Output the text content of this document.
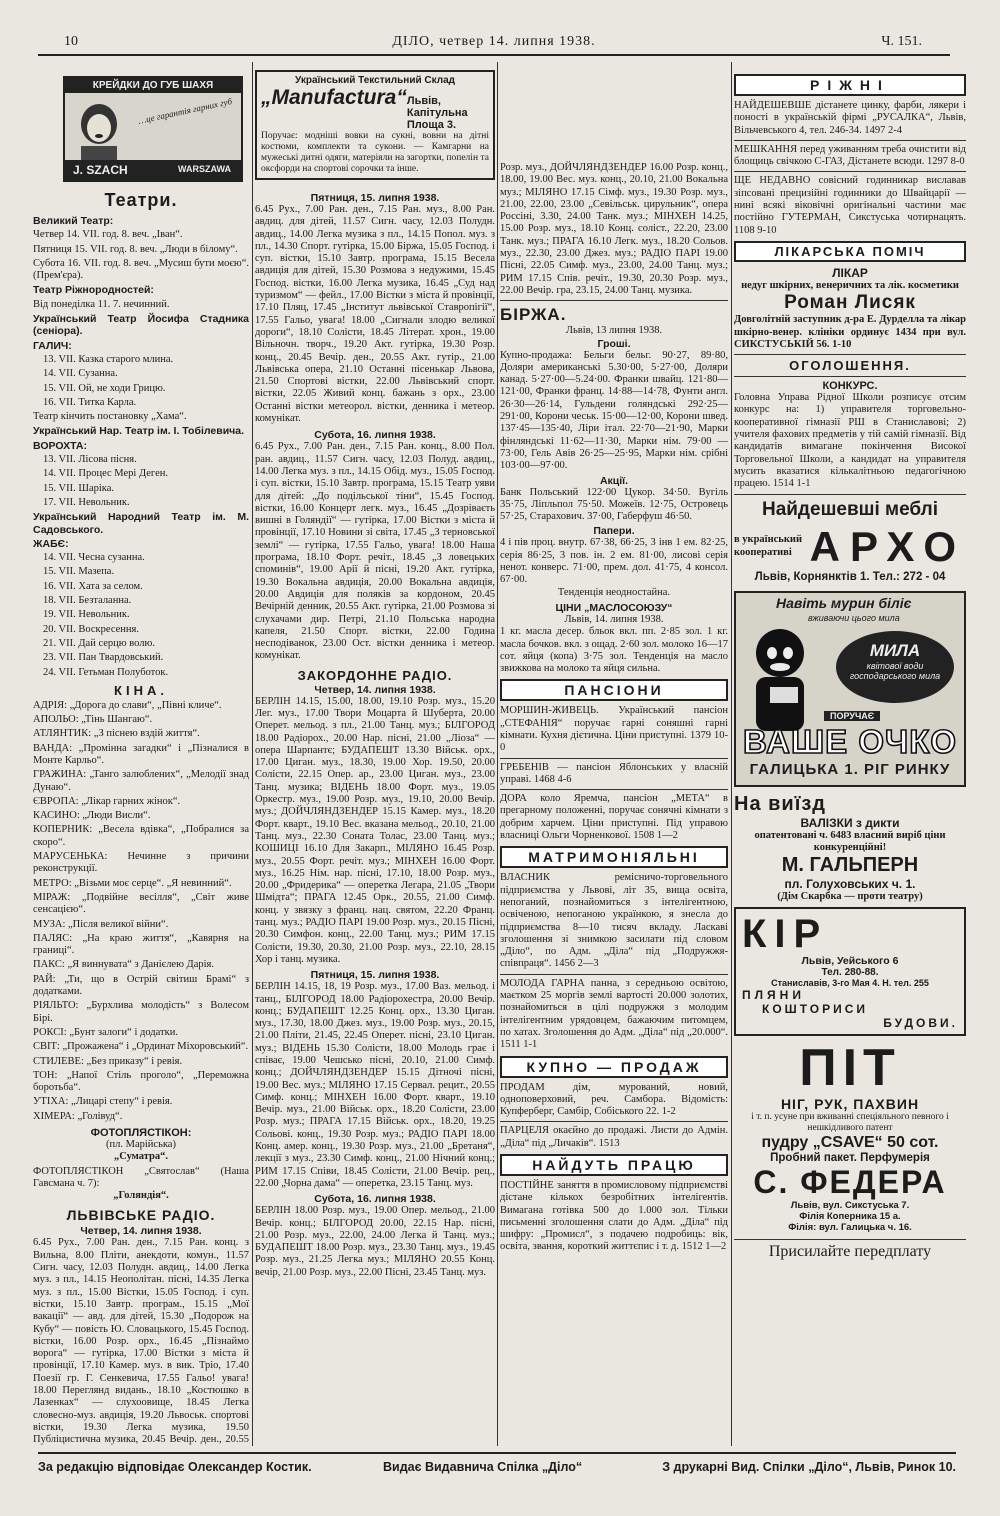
10	ДІЛО, четвер 14. липня 1938.	Ч. 151.
КРЕЙДКИ ДО ГУБ ШАХЯ
…це гарантія гарних губ
J. SZACH	WARSZAWA
Театри.

Великий Театр:

Четвер 14. VII. год. 8. веч. „Іван“.

Пятниця 15. VII. год. 8. веч. „Люди в білому“.

Субота 16. VII. год. 8. веч. „Мусиш бути моєю“. (Прем'єра).

Театр Ріжнородностей:

Від понеділка 11. 7. нечинний.

Український Театр Йосифа Стадника (сеніора).

ГАЛИЧ:

13. VII. Казка старого млина.

14. VII. Сузанна.

15. VII. Ой, не ходи Грицю.

16. VII. Титка Карла.

Театр кінчить постановку „Хама“.

Український Нар. Театр ім. І. Тобілевича.

ВОРОХТА:

13. VII. Лісова пісня.

14. VII. Процес Мері Деген.

15. VII. Шаріка.

17. VII. Невольник.

Український Народний Театр ім. М. Садовського.

ЖАБЄ:

14. VII. Чесна сузанна.

15. VII. Мазепа.

16. VII. Хата за селом.

18. VII. Безталанна.

19. VII. Невольник.

20. VII. Воскресення.

21. VII. Дай серцю волю.

23. VII. Пан Твардовський.

24. VII. Гетьман Полуботок.

КІНА.

АДРІЯ: „Дорога до слави“, „Півні кличе“.

АПОЛЬО: „Тінь Шангаю“.

АТЛЯНТИК: „З піснею вздій життя“.

ВАНДА: „Промінна загадки“ і „Пізналися в Монте Карльо“.

ГРАЖИНА: „Танго залюблених“, „Мелодії знад Дунаю“.

ЄВРОПА: „Лікар гарних жінок“.

КАСИНО: „Люди Висли“.

КОПЕРНИК: „Весела вдівка“, „Побралися за скоро“.

МАРУСЕНЬКА: Нечинне з причини реконструкції.

МЕТРО: „Візьми моє серце“. „Я невинний“.

МІРАЖ: „Подвійне весілля“, „Світ живе сенсацією“.

МУЗА: „Після великої війни“.

ПАЛЯС: „На краю життя“, „Кавярня на границі“.

ПАКС: „Я виннуватa“ з Данієлею Дарія.

РАЙ: „Ти, що в Острій світиш Брамі“ з додатками.

РІЯЛЬТО: „Бурхлива молодість“ з Волесом Бірі.

РОКСІ: „Бунт залоги“ і додатки.

СВІТ: „Прожажена“ і „Ординат Міхоровський“.

СТИЛЕВЕ: „Без приказу“ і ревія.

ТОН: „Напої Стіль проголо“, „Переможна боротьба“.

УТІХА: „Лицарі степу“ і ревія.

ХІМЕРА: „Голівуд“.

ФОТОПЛЯСТІКОН:
(пл. Марійська)
„Суматра“.
ФОТОПЛЯСТІКОН „Святослав“ (Наша Гавсмана ч. 7):
„Голяндія“.
ЛЬВІВСЬКЕ РАДІО.
Четвер, 14. липня 1938.
6.45 Рух., 7.00 Ран. ден., 7.15 Ран. конц. з Вильна, 8.00 Пліти, анекдоти, комун., 11.57 Сигн. часу, 12.03 Полудн. авдиц., 14.00 Легка муз. з пл., 14.15 Неополітан. пісні, 14.35 Легка муз. з пл., 15.00 Вістки, 15.05 Господ. і суп. вістки, 15.10 Завтр. програм., 15.15 „Мої вакації“ — авд. для дітей, 15.30 „Подорож на Кубу“ — повість Ю. Словацького, 15.45 Господ. вістки, 16.00 Розр. орх., 16.45 „Пізнаймо ворога“ — гутірка, 17.00 Вістки з міста й провінції, 17.10 Камер. муз. в вик. Тріо, 17.40 Поезії гр. Г. Сенкевича, 17.55 Гальо! увага! 18.00 Переглянд видань., 18.10 „Костюшко в Лазенках“ — слухоовище, 18.45 Легка словесно-муз. авдиція, 19.20 Львоськ. спортові вістки, 19.30 Легка музика, 19.50 Публіцистична музика, 20.45 Вечір. ден., 20.55
Український Текстильний Склад
„Manufactura“ Львів, Капітульна Площа 3.
Поручає: модніші вовки на сукні, вовни на дітні костюми, комплекти та сукони. — Камгарни на мужеські дитні одяги, матеріяли на загортки, попелін та оксфорди на спортові сорочки та інше.
Пятниця, 15. липня 1938.
6.45 Рух., 7.00 Ран. ден., 7.15 Ран. муз., 8.00 Ран. авдиц. для дітей, 11.57 Сигн. часу, 12.03 Полудн. авдиц., 14.00 Легка музика з пл., 14.15 Попол. муз. з пл., 14.30 Спорт. гутірка, 15.00 Біржа, 15.05 Господ. і суп. вістки, 15.10 Завтр. програма, 15.15 Весела авдиція для дітей, 15.30 Розмова з недужими, 15.45 Господ. вістки, 16.00 Легка музика, 16.45 „Суд над туризмом“ — фейл., 17.00 Вістки з міста й провінції, 17.10 Пляц, 17.45 „Інститут львівської Ставропігії“, 17.55 Гальо, увага! 18.00 „Сигнали злодю великої дороги“, 18.10 Солісти, 18.45 Літерат. хрон., 19.00 Вільночн. творч., 19.20 Акт. гутірка, 19.30 Розр. конц., 20.45 Вечір. ден., 20.55 Акт. гутір., 21.00 Львівська опера, 21.10 Останні пісенькар Львова, 21.50 Спортові вістки, 22.00 Львівський спорт. вістки, 22.05 Живий конц. бажань з орх., 23.00 Останні вістки метеорол. вістки, денника і метеор. комунікат.
Субота, 16. липня 1938.
6.45 Рух., 7.00 Ран. ден., 7.15 Ран. конц., 8.00 Пол. ран. авдиц., 11.57 Сигн. часу, 12.03 Полуд. авдиц., 14.00 Легка муз. з пл., 14.15 Обід. муз., 15.05 Господ. і суп. вістки, 15.10 Завтр. програма, 15.15 Театр уяви для дітей: „До подільської тіни“, 15.45 Господ. вістки, 16.00 Концерт легк. муз., 16.45 „Дозріваєть вишні в Голяндії“ — гутірка, 17.00 Вістки з міста й провінції, 17.10 Новини зі світа, 17.45 „З терновської землі“ — гутірка, 17.55 Гальо, увага! 18.00 Наша програма, 18.10 Форт. речіт., 18.45 „З ловецьких споминів“, 19.00 Арії й пісні, 19.20 Акт. гутірка, 19.30 Вокальна авдиція, 20.00 Вокальна авдиція, 20.00 Авдиція для поляків за кордоном, 20.45 Вечірній денник, 20.55 Акт. гутірка, 21.00 Розмова зі слухачами дир. Петрі, 21.10 Польська народна капеля, 21.50 Спорт. вістки, 22.00 Година несподіванок, 23.00 Ост. вістки денника і метеор. комунікат.
ЗАКОРДОННЕ РАДІО.
Четвер, 14. липня 1938.
БЕРЛІН 14.15, 15.00, 18.00, 19.10 Розр. муз., 15.20 Лег. муз., 17.00 Твори Моцарта й Шуберта, 20.00 Оперет. мельод. з пл., 21.00 Танц. муз.; БІЛГОРОД 18.00 Радіорох., 20.00 Нар. пісні, 21.00 „Ліоза“ — опера Шарпантє; БУДАПЕШТ 13.30 Військ. орх., 17.00 Циган. муз., 18.30, 19.00 Хор. 19.50, 20.00 Солісти, 22.15 Опер. ар., 23.00 Циган. муз., 23.00 Танц. музика; ВІДЕНЬ 18.00 Форт. муз., 19.05 Оркестр. муз., 19.00 Розр. муз., 19.10, 20.00 Вечір. муз.; ДОЙЧЛЯНДЗЕНДЕР 15.15 Камер. муз., 18.20 Форт. кварт., 19.10 Вес. вказана мельод., 20.10, 21.00 Танц. муз., 22.30 Соната Толас, 23.00 Танц. муз.; КОШИЦІ 16.10 Для Закарп., МІЛЯНО 16.45 Розр. муз., 20.55 Форт. речіт. муз.; МІНХЕН 16.00 Форт. муз., 16.25 Нім. нар. пісні, 17.10, 18.00 Розр. муз., 20.00 „Фридерика“ — оперетка Легара, 21.05 „Твори Шмідта“; ПРАГА 12.45 Орк., 20.55, 21.00 Симф. конц. у звязку з франц. нац. святом, 22.20 Франц. танц. муз.; РАДІО ПАРІ 19.00 Розр. муз., 20.15 Пісні, 20.30 Симфон. конц., 22.00 Танц. муз.; РИМ 17.15 Солісти, 19.30, 20.30, 21.00 Розр. муз., 22.10, 28.15 Хор і танц. музика.
Пятниця, 15. липня 1938.
БЕРЛІН 14.15, 18, 19 Розр. муз., 17.00 Ваз. мельод. і танц., БІЛГОРОД 18.00 Радіорохестра, 20.00 Вечір. конц.; БУДАПЕШТ 12.25 Конц. орх., 13.30 Циган. муз., 17.30, 18.00 Джез. муз., 19.00 Розр. муз., 20.15, 21.00 Пліти, 21.45, 22.45 Оперет. пісні, 23.10 Циган. муз.; ВІДЕНЬ 15.30 Солісти, 18.00 Молодь грає і співає, 19.00 Чешсько пісні, 20.10, 21.00 Симф. конц.; ДОЙЧЛЯНДЗЕНДЕР 15.15 Дітночі пісні, 19.00 Вес. муз.; МІЛЯНО 17.15 Сервал. рецит., 20.55 Симф. конц.; МІНХЕН 16.00 Форт. кварт., 19.10 Вечір. муз., 21.00 Військ. орх., 18.20 Солісти, 23.00 Розр. муз.; ПРАГА 17.15 Військ. орх., 18.20, 19.25 Сольові. конц., 19.30 Розр. муз.; РАДІО ПАРІ 18.00 Конц. амер. конц., 19.30 Розр. муз., 21.00 „Бретаня“, лекції з муз., 23.30 Симф. конц., 21.00 Нічний конц.; РИМ 17.15 Співи, 18.45 Солісти, 21.00 Вечір. рец., 22.00 „Чорна дама“ — оперетка, 23.15 Танц. муз.
Субота, 16. липня 1938.
БЕРЛІН 18.00 Розр. муз., 19.00 Опер. мельод., 21.00 Вечір. конц.; БІЛГОРОД 20.00, 22.15 Нар. пісні, 21.00 Розр. муз., 22.00, 24.00 Легка й Танц. муз.; БУДАПЕШТ 18.00 Розр. муз., 23.30 Танц. муз., 19.45 Розр. муз., 21.25 Легка муз.; МІЛЯНО 20.55 Конц. вечір, 21.00 Розр. муз., 22.00 Пісні, 23.45 Танц. муз.
Розр. муз., ДОЙЧЛЯНДЗЕНДЕР 16.00 Розр. конц., 18.00, 19.00 Вес. муз. конц., 20.10, 21.00 Вокальна муз.; МІЛЯНО 17.15 Сімф. муз., 19.30 Розр. муз., 21.00, 22.00, 23.00 „Севільськ. цирульник“, опера Россіні, 3.30, 24.00 Танк. муз.; МІНХЕН 14.25, 15.00 Розр. муз., 18.10 Конц. соліст., 22.20, 23.00 Танк. муз.; ПРАГА 16.10 Легк. муз., 18.20 Сольов. муз., 22.30, 23.00 Джез. муз.; РАДІО ПАРІ 19.00 Пісні, 22.05 Симф. муз., 23.00, 24.00 Танц. муз.; РИМ 17.15 Спів. речіт., 19.30, 20.30 Розр. муз., 22.00 Вечір. гра, 23.15, 24.00 Танц. музика.
БІРЖА.
Львів, 13 липня 1938.
Гроші.
Купно-продажа: Бельги бельг. 90·27, 89·80, Доляри американські 5.30·00, 5·27·00, Доляри канад. 5·27·00—5.24·00. Франки швайц. 121·80—121·00, Франки франц. 14·88—14·78, Фунти англ. 26·30—26·14, Гульдени голяндські 292·25—291·00, Корони чеськ. 15·00—12·00, Корони швед. 137·45—135·40, Ліри італ. 22·70—21·90, Марки фінляндські 11·62—11·30, Марки нім. 79·00 — 73·00, Гель Авів 26·25—25·95, Марки нім. срібні 103·00—97·00.
Акції.
Банк Польський 122·00 Цукор. 34·50. Вугіль 35·75, Ліпльпол 75·50. Можеїв. 12·75, Островець 57·25, Старахович. 37·00, Габерфуш 46·50.
Папери.
4 і пів проц. внутр. 67·38, 66·25, 3 інв 1 ем. 82·25, серія 86·25, 3 пов. ін. 2 ем. 81·00, лисові серія ненот. конверс. 71·00, прем. дол. 41·75, 4 консол. 67·00.
Тенденція неодностайна.
ЦІНИ „МАСЛОСОЮЗУ“
Львів, 14. липня 1938.
1 кг. масла десер. бльок вкл. пп. 2·85 зол. 1 кг. масла бочков. вкл. з ощад. 2·60 зол. молоко 16—17 сот. яйця (копа) 3·75 зол. Тенденція на масло звижкова на молоко та яйця сильна.
ПАНСІОНИ
МОРШИН-ЖИВЕЦЬ. Український пансіон „СТЕФАНІЯ“ поручає гарні соняшні гарні кімнати. Кухня дієтична. Ціни приступні. 1379 10-0
ГРЕБЕНІВ — пансіон Яблонських у власній управі. 1468 4-6
ДОРА коло Яремча, пансіон „МЕТА“ в прегарному положенні, поручає сонячні кімнати з добрим харчем. Ціни приступні. Під управою власниці Ольги Чорненкової. 1508 1—2
МАТРИМОНІЯЛЬНІ
ВЛАСНИК ремісничо-торговельного підприємства у Львові, літ 35, вища освіта, непоганий, познайомиться з інтелігентною, освіченою, непоганою українкою, я знесла до підприємства 8—10 тисяч вкладу. Ласкаві зголошення зі знимкою засилати під словом „Діло“, по Адм. „Діла“ під „Подружжя-співпраця“. 1456 2—3
МОЛОДА ГАРНА панна, з середньою освітою, маєтком 25 моргів землі вартості 20.000 золотих, познайомиться в цілі подружжя з молодим інтелігентним урядовцем, бажаючим питомцем, по хатах. Зголошення до Адм. „Діла“ під „20.000“. 1511 1-1
КУПНО — ПРОДАЖ
ПРОДАМ дім, мурований, новий, одноповерховий, реч. Самбора. Відомість: Купферберг, Самбір, Собіського 22. 1-2
ПАРЦЕЛЯ окаєйно до продажі. Листи до Адмін. „Діла“ під „Личаків“. 1513
НАЙДУТЬ ПРАЦЮ
ПОСТІЙНЕ заняття в промисловому підприємстві дістане кількох безробітних інтелігентів. Вимагана готівка 500 до 1.000 зол. Тільки письменні зголошення слати до Адм. „Діла“ під шифру: „Промисл“, з подачею подробиць: вік, освіта, звання, короткий життєпис і т. д. 1512 1—2
РІЖНІ
НАЙДЕШЕВШЕ дістанете цинку, фарби, лякери і поності в українській фірмі „РУСАЛКА“, Львів, Вільчевського 4, тел. 246-34. 1497 2-4
МЕШКАННЯ перед уживанням треба очистити від блощиць свічкою С-ГАЗ, Дістанете всюди. 1297 8-0
ЩЕ НЕДАВНО совісний годинникар виславав зіпсовані прецизійні годинники до Швайцарії — нині всякі віковічні оригінальні частини має постійно ГУТЕРМАН, Сикстуська чотирнацять. 1108 9-10
ЛІКАРСЬКА ПОМІЧ
ЛІКАР
недуг шкірних, венеричних та лік. косметики
Роман Лисяк
Довголітній заступник д-ра Е. Дурделла та лікар шкірно-венер. клініки ординує 1434 при вул. СИКСТУСЬКІЙ 56. 1-10
ОГОЛОШЕННЯ.
КОНКУРС.
Головна Управа Рідної Школи розписує отсим конкурс на: 1) управителя торговельно-кооперативної гімназії РШ в Станиславові; 2) учителя фахових предметів у тій самій гімназії. Від кандидатів вимагане покінчення Високої Торговельної Школи, а кандидат на управителя мусить вказатися кількалітньою педагогічною працею. 1514 1-1
Найдешевші меблі
в український кооперативі АРХО
Львів, Корнянктів 1. Тел.: 272 - 04
Навіть мурин біліє
вживаючи цього мила
МИЛА
квітової води
господарського мила
ПОРУЧАЄ
ВАШЕ ОЧКО
ГАЛИЦЬКА 1. РІГ РИНКУ
На виїзд
ВАЛІЗКИ з дикти
опатентовані ч. 6483 власний виріб ціни конкуренційні!
М. ГАЛЬПЕРН
пл. Голуховських ч. 1.
(Дім Скарбка — проти театру)
КІР
Львів, Уейського 6
Тел. 280-88.
Станиславів, 3-го Мая 4. Н. тел. 255
ПЛЯНИ
КОШТОРИСИ
БУДОВИ.
ПІТ
НІГ, РУК, ПАХВИН
і т. п. усуне при вживанні спеціяльного певного і нешкідливого патент
пудру „CSAVE“ 50 сот.
Пробний пакет. Перфумерія
С. ФЕДЕРА
Львів, вул. Сикстуська 7.
Філія Коперника 15 а.
Філія: вул. Галицька ч. 16.
Присилайте передплату
За редакцію відповідає Олександер Костик.	Видає Видавнича Спілка „Діло“	З друкарні Вид. Спілки „Діло“, Львів, Ринок 10.
